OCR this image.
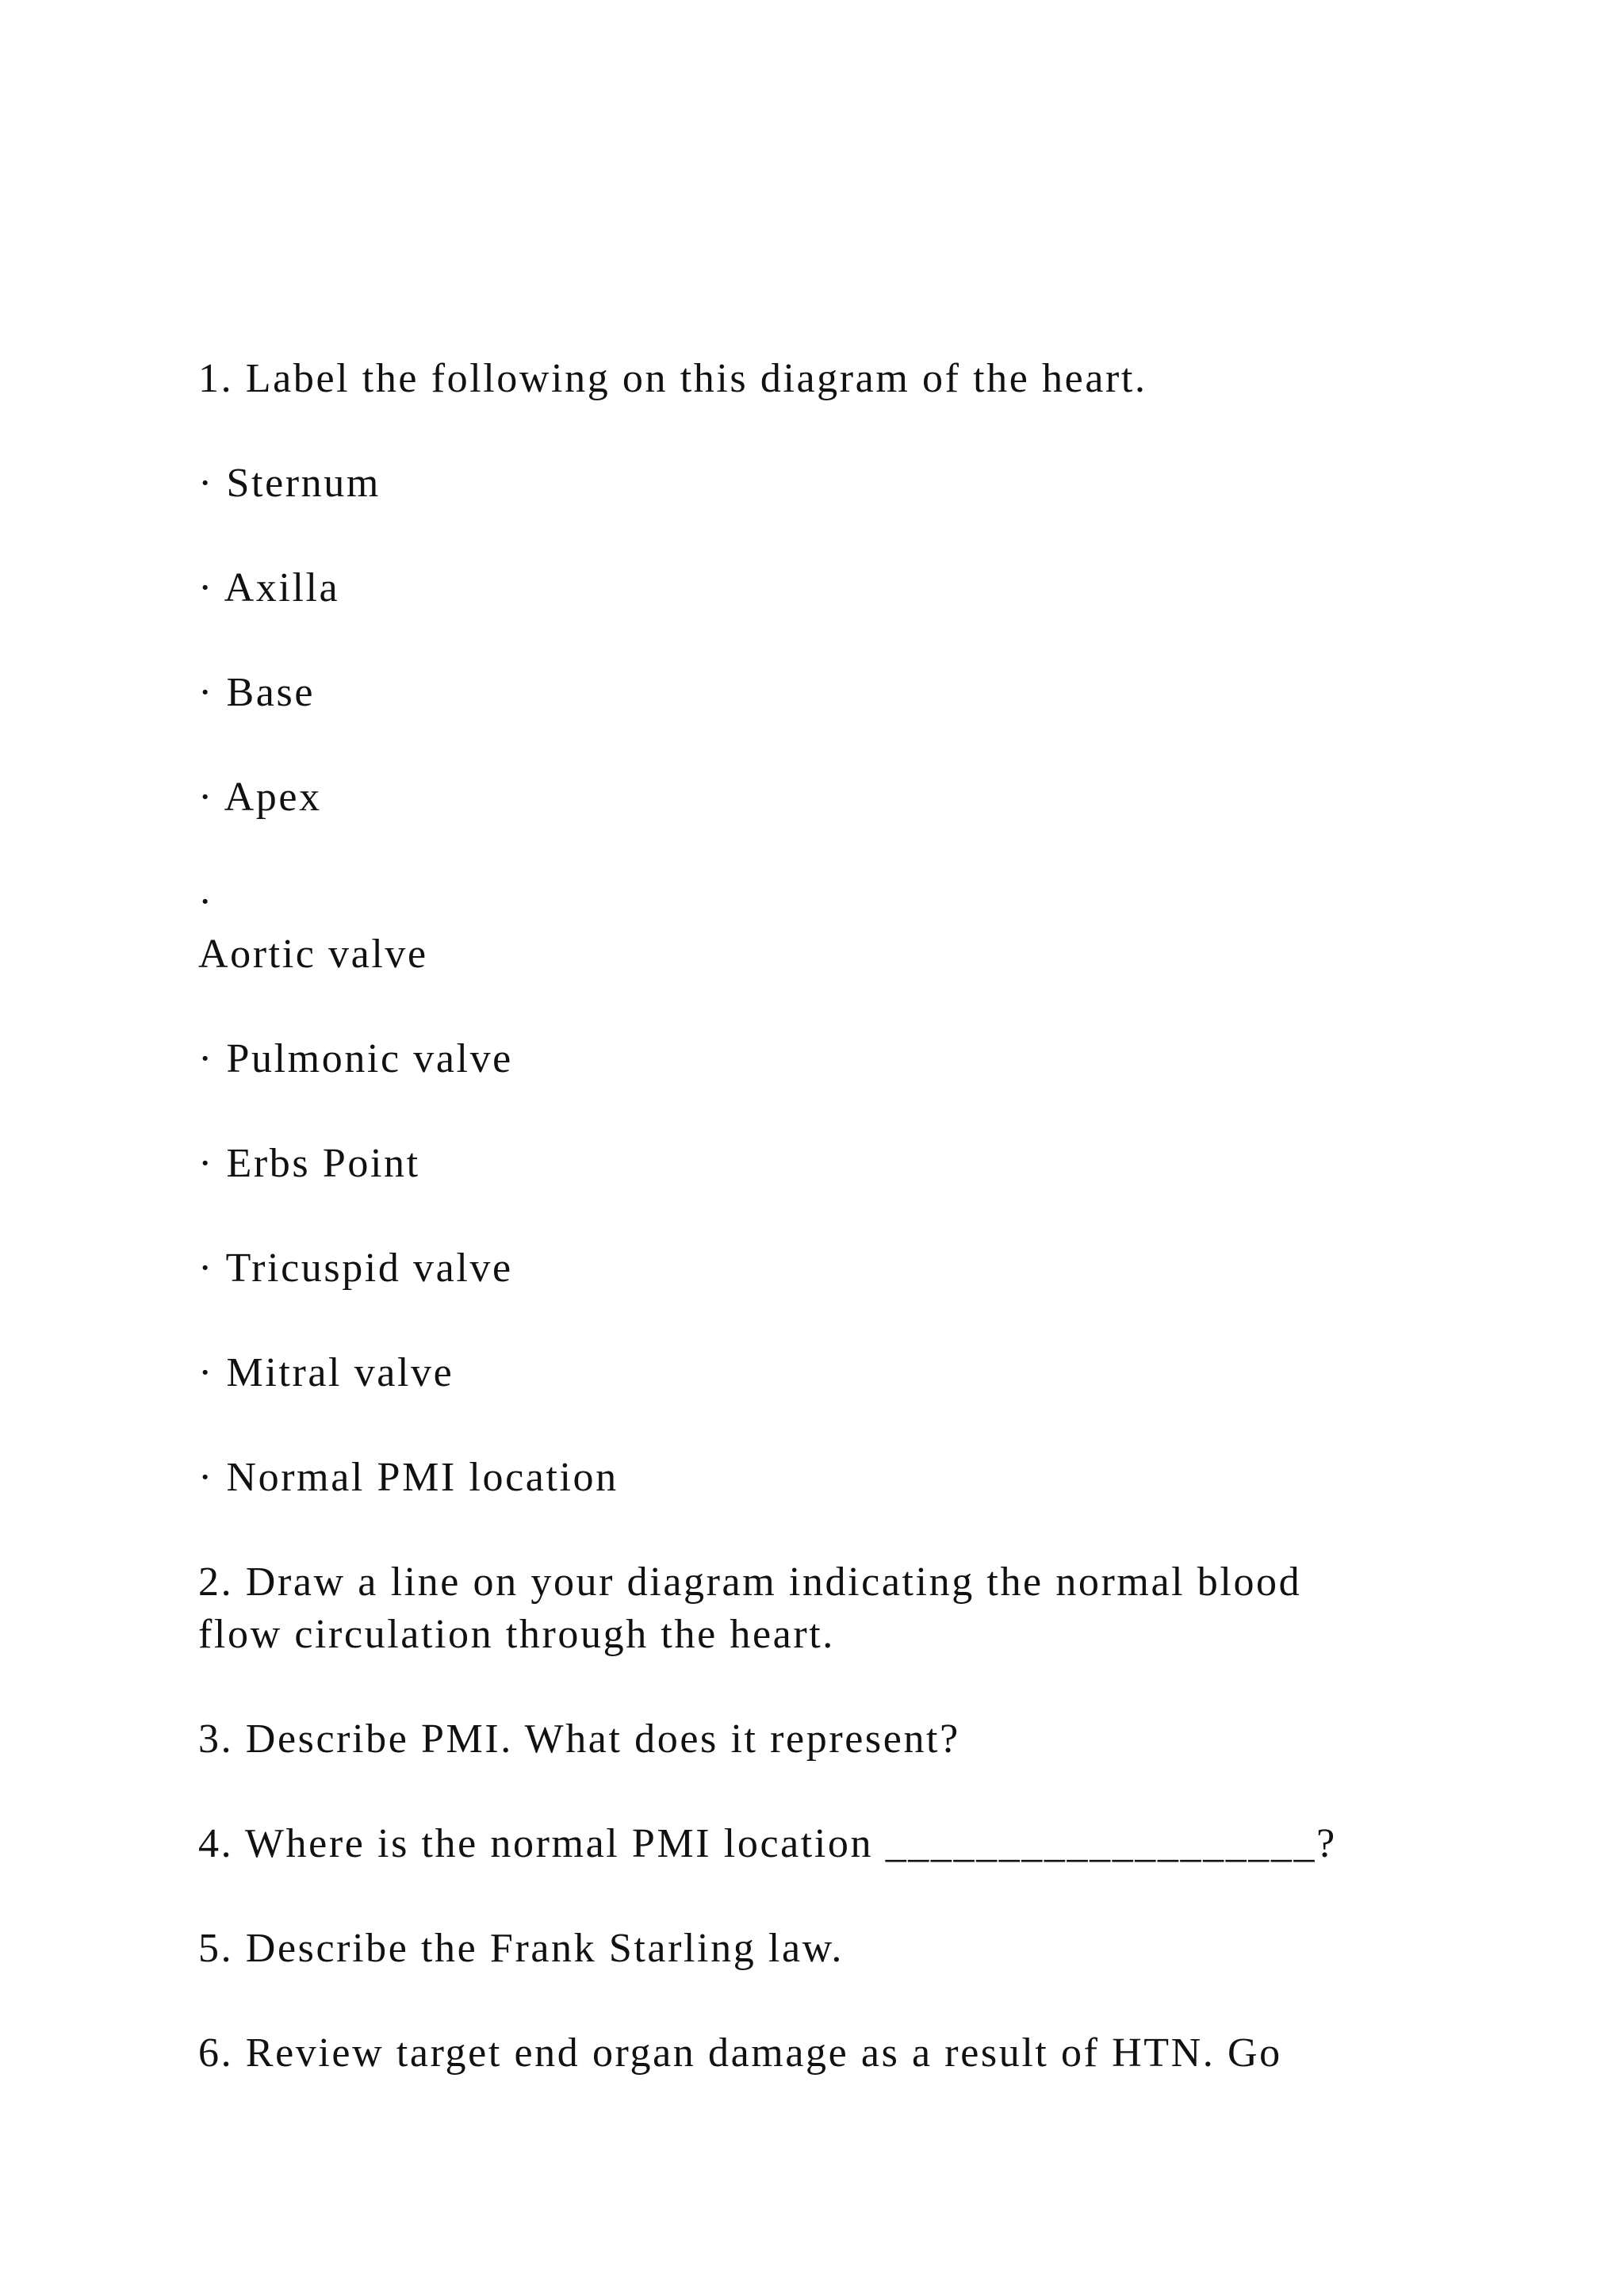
1. Label the following on this diagram of the heart.

· Sternum

· Axilla

· Base

· Apex

·

Aortic valve

· Pulmonic valve

· Erbs Point

· Tricuspid valve

· Mitral valve

· Normal PMI location

2. Draw a line on your diagram indicating the normal blood

flow circulation through the heart.

3. Describe PMI. What does it represent?

4. Where is the normal PMI location ___________________?

5. Describe the Frank Starling law.

6. Review target end organ damage as a result of HTN. Go
